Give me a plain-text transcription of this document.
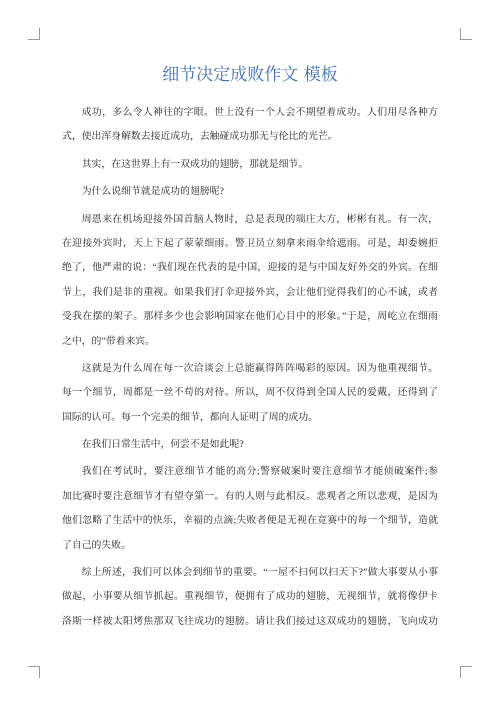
细节决定成败作文 模板
成功，多么令人神往的字眼。世上没有一个人会不期望着成功。人们用尽各种方
式，使出浑身解数去接近成功，去触碰成功那无与伦比的光芒。
其实，在这世界上有一双成功的翅膀，那就是细节。
为什么说细节就是成功的翅膀呢?
周恩来在机场迎接外国首脑人物时，总是表现的端庄大方，彬彬有礼。有一次，
在迎接外宾时，天上下起了蒙蒙细雨。警卫员立刻拿来雨伞给遮雨。可是，却委婉拒
绝了，他严肃的说：“我们现在代表的是中国，迎接的是与中国友好外交的外宾。在细
节上，我们是非的重视。如果我们打伞迎接外宾，会让他们觉得我们的心不诚，或者
受我在摆的架子。那样多少也会影响国家在他们心目中的形象。”于是，周屹立在细雨
之中，的”带着来宾。
这就是为什么周在每一次洽谈会上总能赢得阵阵喝彩的原因。因为他重视细节。
每一个细节，周都是一丝不苟的对待。所以，周不仅得到全国人民的爱戴，还得到了
国际的认可。每一个完美的细节，都向人证明了周的成功。
在我们日常生活中，何尝不是如此呢?
我们在考试时，要注意细节才能的高分;警察破案时要注意细节才能侦破案件;参
加比赛时要注意细节才有望夺第一。有的人则与此相反。悲观者之所以悲观，是因为
他们忽略了生活中的快乐，幸福的点滴;失败者便是无视在竞赛中的每一个细节，造就
了自己的失败。
综上所述，我们可以体会到细节的重要。“一屋不扫何以扫天下?”做大事要从小事
做起，小事要从细节抓起。重视细节，便拥有了成功的翅膀，无视细节，就将像伊卡
洛斯一样被太阳烤焦那双飞往成功的翅膀。请让我们接过这双成功的翅膀，飞向成功
